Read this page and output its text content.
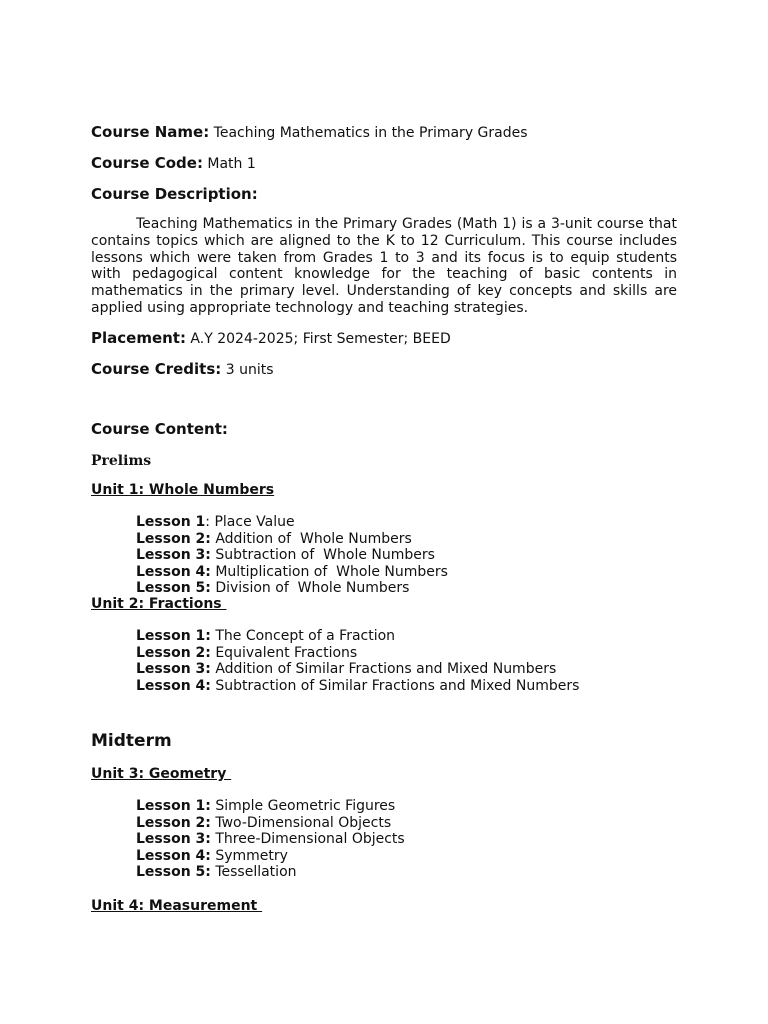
Course Name: Teaching Mathematics in the Primary Grades
Course Code: Math 1
Course Description:

Teaching Mathematics in the Primary Grades (Math 1) is a 3-unit course that contains topics which are aligned to the K to 12 Curriculum. This course includes lessons which were taken from Grades 1 to 3 and its focus is to equip students with pedagogical content knowledge for the teaching of basic contents in mathematics in the primary level. Understanding of key concepts and skills are applied using appropriate technology and teaching strategies.

Placement: A.Y 2024-2025; First Semester; BEED
Course Credits: 3 units
Course Content:
Prelims
Unit 1: Whole Numbers
Lesson 1: Place Value
Lesson 2: Addition of  Whole Numbers
Lesson 3: Subtraction of  Whole Numbers
Lesson 4: Multiplication of  Whole Numbers
Lesson 5: Division of  Whole Numbers
Unit 2: Fractions
Lesson 1: The Concept of a Fraction
Lesson 2: Equivalent Fractions
Lesson 3: Addition of Similar Fractions and Mixed Numbers
Lesson 4: Subtraction of Similar Fractions and Mixed Numbers
Midterm
Unit 3: Geometry
Lesson 1: Simple Geometric Figures
Lesson 2: Two-Dimensional Objects
Lesson 3: Three-Dimensional Objects
Lesson 4: Symmetry
Lesson 5: Tessellation
Unit 4: Measurement
